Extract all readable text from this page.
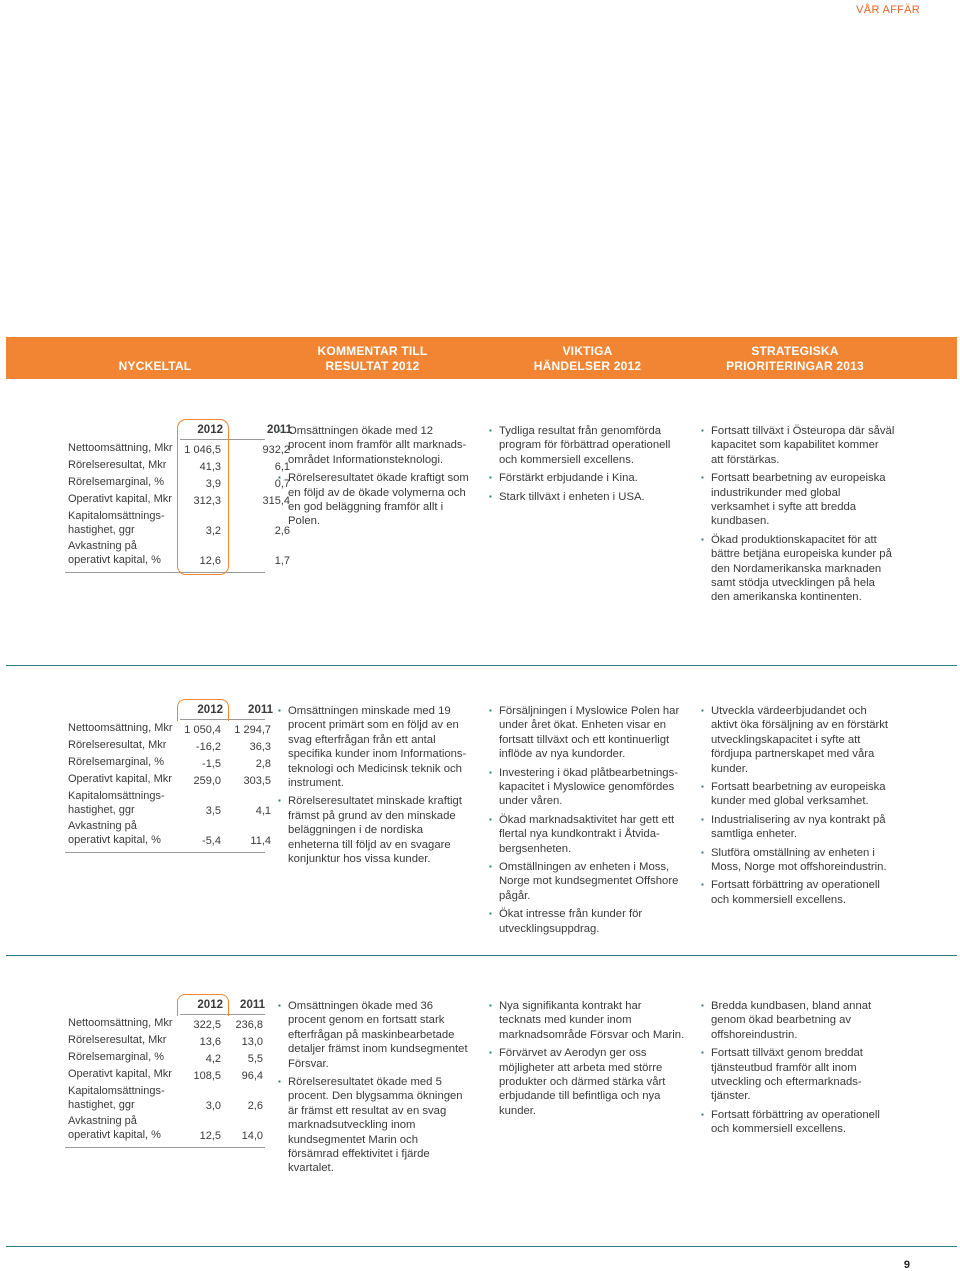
VÅR AFFÄR
NYCKELTAL
KOMMENTAR TILL
RESULTAT 2012
VIKTIGA
HÄNDELSER 2012
STRATEGISKA
PRIORITERINGAR 2013
2012	2011
Nettoomsättning, Mkr	1 046,5	932,2
Rörelseresultat, Mkr	41,3	6,1
Rörelsemarginal, %	3,9	0,7
Operativt kapital, Mkr	312,3	315,4
Kapitalomsättnings-
hastighet, ggr	3,2	2,6
Avkastning på
operativt kapital, %	12,6	1,7
▪ Omsättningen ökade med 12
procent inom framför allt marknads-
området Informationsteknologi.
▪ Rörelseresultatet ökade kraftigt som
en följd av de ökade volymerna och
en god beläggning framför allt i
Polen.
▪ Tydliga resultat från genomförda
program för förbättrad operationell
och kommersiell excellens.
▪ Förstärkt erbjudande i Kina.
▪ Stark tillväxt i enheten i USA.
▪ Fortsatt tillväxt i Östeuropa där såväl
kapacitet som kapabilitet kommer
att förstärkas.
▪ Fortsatt bearbetning av europeiska
industrikunder med global
verksamhet i syfte att bredda
kundbasen.
▪ Ökad produktionskapacitet för att
bättre betjäna europeiska kunder på
den Nordamerikanska marknaden
samt stödja utvecklingen på hela
den amerikanska kontinenten.
2012	2011
Nettoomsättning, Mkr	1 050,4	1 294,7
Rörelseresultat, Mkr	-16,2	36,3
Rörelsemarginal, %	-1,5	2,8
Operativt kapital, Mkr	259,0	303,5
Kapitalomsättnings-
hastighet, ggr	3,5	4,1
Avkastning på
operativt kapital, %	-5,4	11,4
▪ Omsättningen minskade med 19
procent primärt som en följd av en
svag efterfrågan från ett antal
specifika kunder inom Informations-
teknologi och Medicinsk teknik och
instrument.
▪ Rörelseresultatet minskade kraftigt
främst på grund av den minskade
beläggningen i de nordiska
enheterna till följd av en svagare
konjunktur hos vissa kunder.
▪ Försäljningen i Myslowice Polen har
under året ökat. Enheten visar en
fortsatt tillväxt och ett kontinuerligt
inflöde av nya kundorder.
▪ Investering i ökad plåtbearbetnings-
kapacitet i Myslowice genomfördes
under våren.
▪ Ökad marknadsaktivitet har gett ett
flertal nya kundkontrakt i Åtvida-
bergsenheten.
▪ Omställningen av enheten i Moss,
Norge mot kundsegmentet Offshore
pågår.
▪ Ökat intresse från kunder för
utvecklingsuppdrag.
▪ Utveckla värdeerbjudandet och
aktivt öka försäljning av en förstärkt
utvecklingskapacitet i syfte att
fördjupa partnerskapet med våra
kunder.
▪ Fortsatt bearbetning av europeiska
kunder med global verksamhet.
▪ Industrialisering av nya kontrakt på
samtliga enheter.
▪ Slutföra omställning av enheten i
Moss, Norge mot offshoreindustrin.
▪ Fortsatt förbättring av operationell
och kommersiell excellens.
2012	2011
Nettoomsättning, Mkr	322,5	236,8
Rörelseresultat, Mkr	13,6	13,0
Rörelsemarginal, %	4,2	5,5
Operativt kapital, Mkr	108,5	96,4
Kapitalomsättnings-
hastighet, ggr	3,0	2,6
Avkastning på
operativt kapital, %	12,5	14,0
▪ Omsättningen ökade med 36
procent genom en fortsatt stark
efterfrågan på maskinbearbetade
detaljer främst inom kundsegmentet
Försvar.
▪ Rörelseresultatet ökade med 5
procent. Den blygsamma ökningen
är främst ett resultat av en svag
marknadsutveckling inom
kundsegmentet Marin och
försämrad effektivitet i fjärde
kvartalet.
▪ Nya signifikanta kontrakt har
tecknats med kunder inom
marknadsområde Försvar och Marin.
▪ Förvärvet av Aerodyn ger oss
möjligheter att arbeta med större
produkter och därmed stärka vårt
erbjudande till befintliga och nya
kunder.
▪ Bredda kundbasen, bland annat
genom ökad bearbetning av
offshoreindustrin.
▪ Fortsatt tillväxt genom breddat
tjänsteutbud framför allt inom
utveckling och eftermarknads-
tjänster.
▪ Fortsatt förbättring av operationell
och kommersiell excellens.
9
